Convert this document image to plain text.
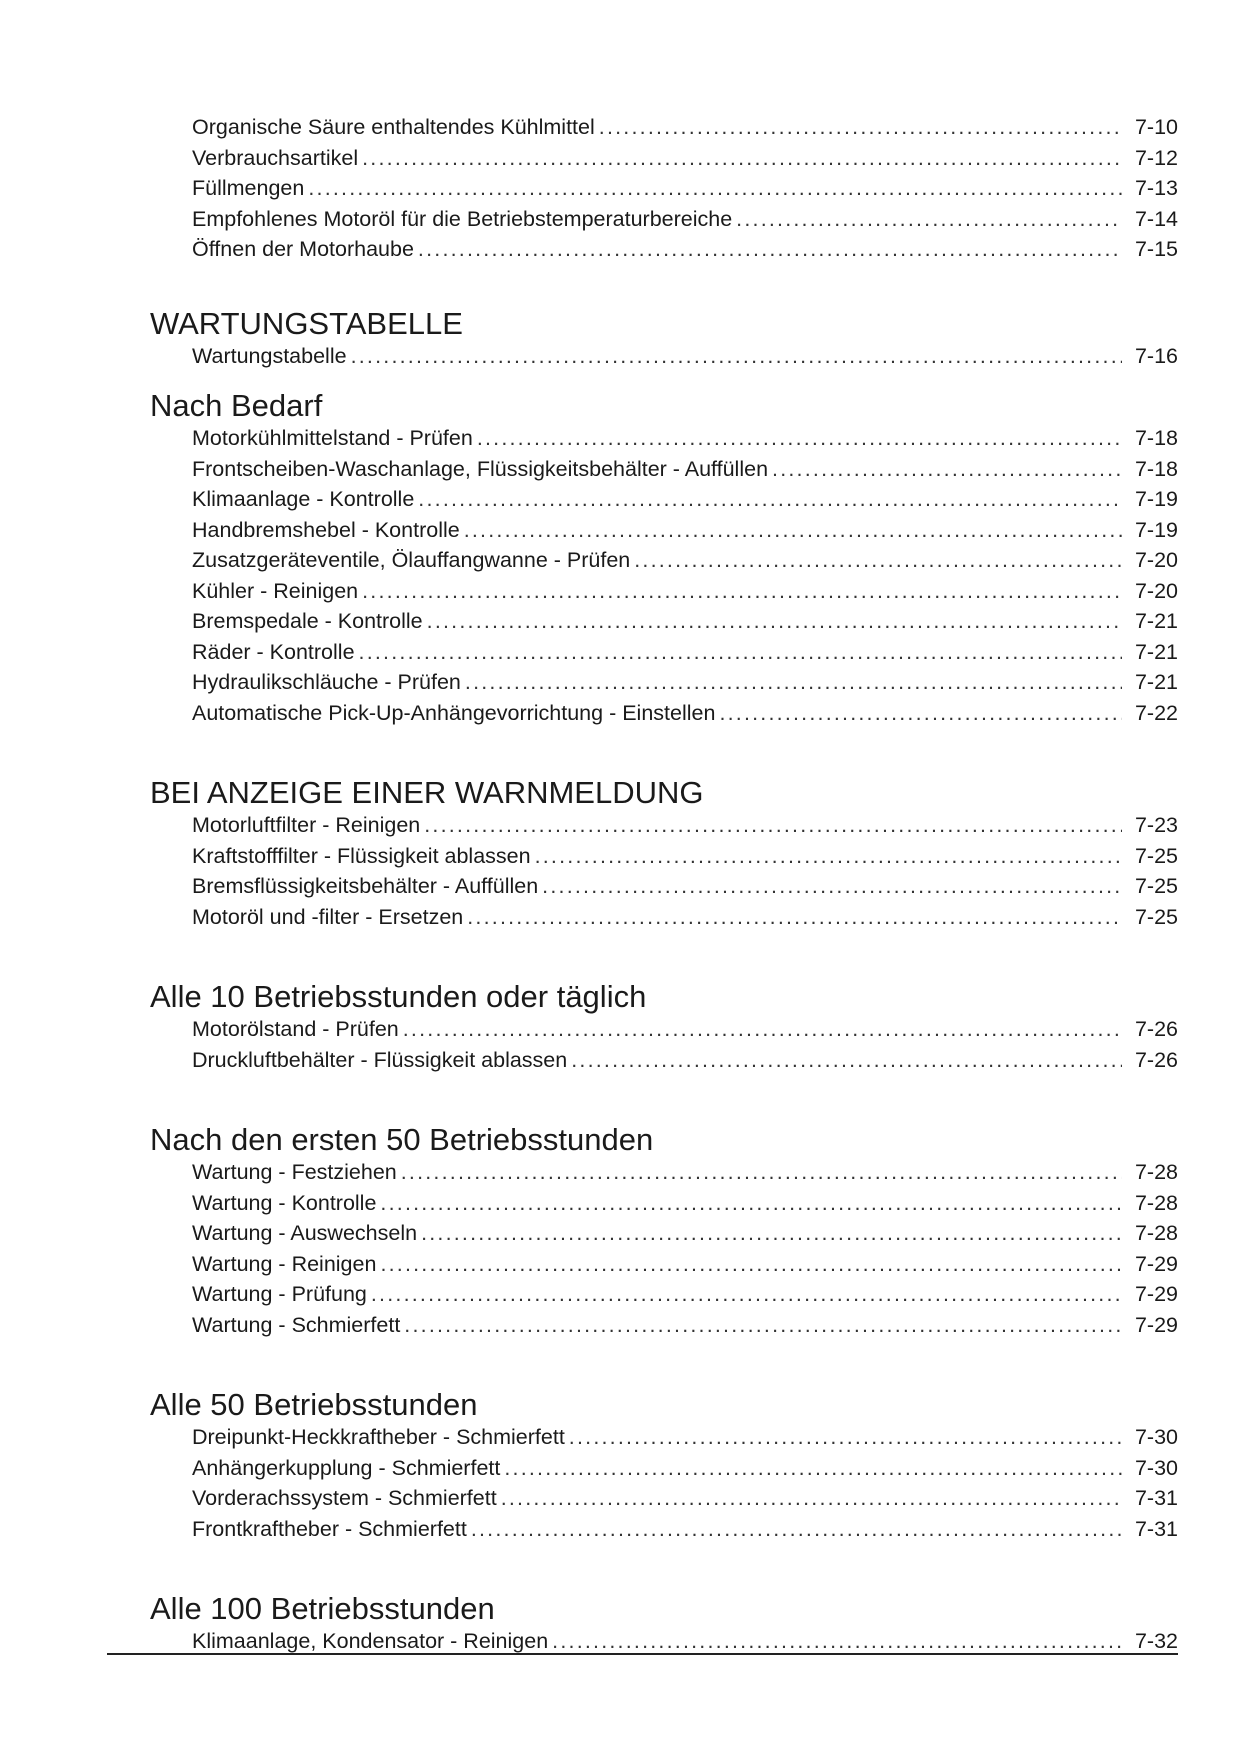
Organische Säure enthaltendes Kühlmittel .....	7-10
Verbrauchsartikel .....	7-12
Füllmengen .....	7-13
Empfohlenes Motoröl für die Betriebstemperaturbereiche .....	7-14
Öffnen der Motorhaube .....	7-15
WARTUNGSTABELLE
Wartungstabelle .....	7-16
Nach Bedarf
Motorkühlmittelstand - Prüfen .....	7-18
Frontscheiben-Waschanlage, Flüssigkeitsbehälter - Auffüllen .....	7-18
Klimaanlage - Kontrolle .....	7-19
Handbremshebel - Kontrolle .....	7-19
Zusatzgeräteventile, Ölauffangwanne - Prüfen .....	7-20
Kühler - Reinigen .....	7-20
Bremspedale - Kontrolle .....	7-21
Räder - Kontrolle .....	7-21
Hydraulikschläuche - Prüfen .....	7-21
Automatische Pick-Up-Anhängevorrichtung - Einstellen .....	7-22
BEI ANZEIGE EINER WARNMELDUNG
Motorluftfilter - Reinigen .....	7-23
Kraftstofffilter - Flüssigkeit ablassen .....	7-25
Bremsflüssigkeitsbehälter - Auffüllen .....	7-25
Motoröl und -filter - Ersetzen .....	7-25
Alle 10 Betriebsstunden oder täglich
Motorölstand - Prüfen .....	7-26
Druckluftbehälter - Flüssigkeit ablassen .....	7-26
Nach den ersten 50 Betriebsstunden
Wartung - Festziehen .....	7-28
Wartung - Kontrolle .....	7-28
Wartung - Auswechseln .....	7-28
Wartung - Reinigen .....	7-29
Wartung - Prüfung .....	7-29
Wartung - Schmierfett .....	7-29
Alle 50 Betriebsstunden
Dreipunkt-Heckkraftheber - Schmierfett .....	7-30
Anhängerkupplung - Schmierfett .....	7-30
Vorderachssystem - Schmierfett .....	7-31
Frontkraftheber - Schmierfett .....	7-31
Alle 100 Betriebsstunden
Klimaanlage, Kondensator - Reinigen .....	7-32
